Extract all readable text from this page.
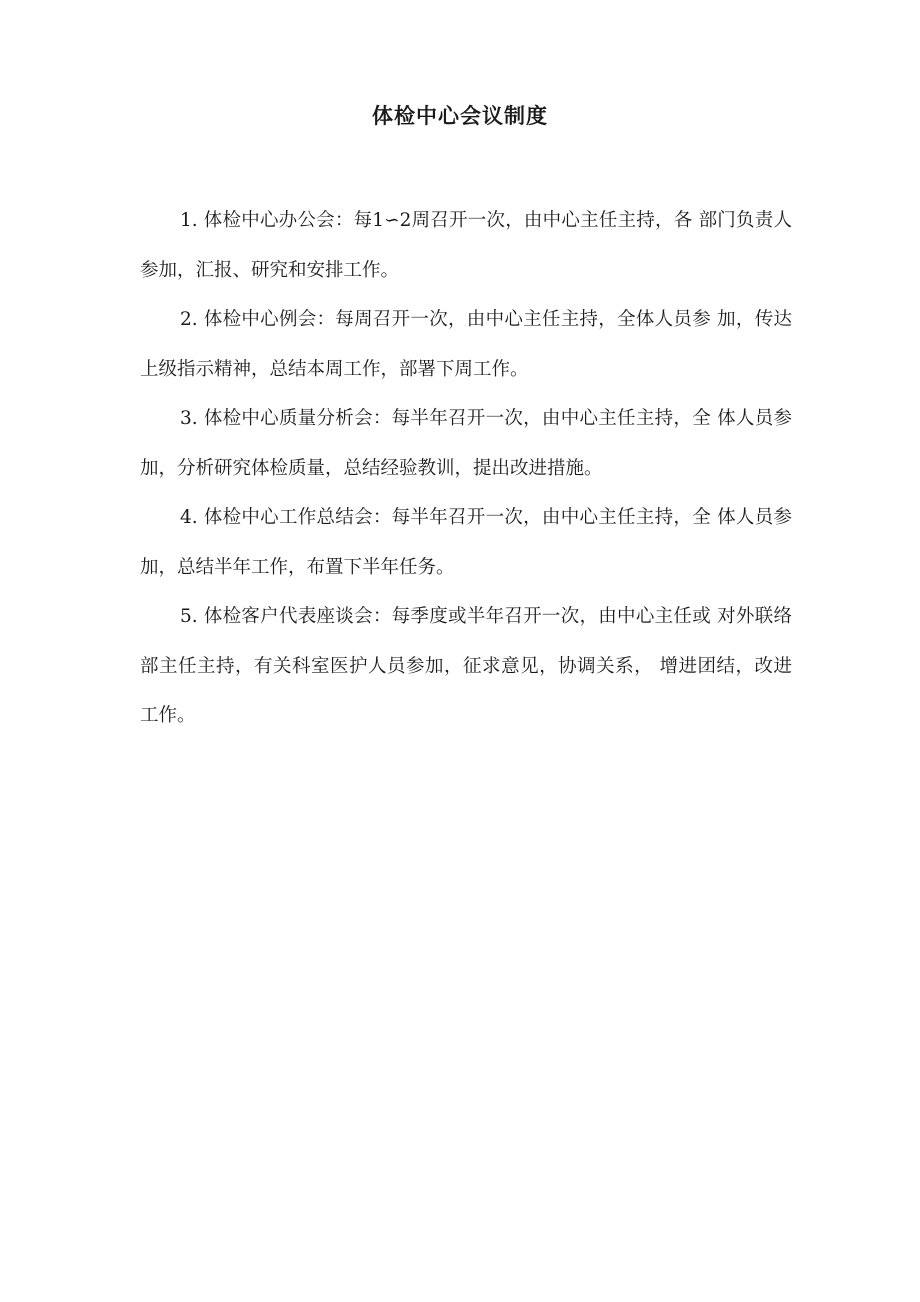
体检中心会议制度

1. 体检中心办公会：每1∽2周召开一次，由中心主任主持，各 部门负责人参加，汇报、研究和安排工作。

2. 体检中心例会：每周召开一次，由中心主任主持，全体人员参 加，传达上级指示精神，总结本周工作，部署下周工作。

3. 体检中心质量分析会：每半年召开一次，由中心主任主持，全 体人员参加，分析研究体检质量，总结经验教训，提出改进措施。

4. 体检中心工作总结会：每半年召开一次，由中心主任主持，全 体人员参加，总结半年工作，布置下半年任务。

5. 体检客户代表座谈会：每季度或半年召开一次，由中心主任或 对外联络部主任主持，有关科室医护人员参加，征求意见，协调关系， 增进团结，改进工作。
